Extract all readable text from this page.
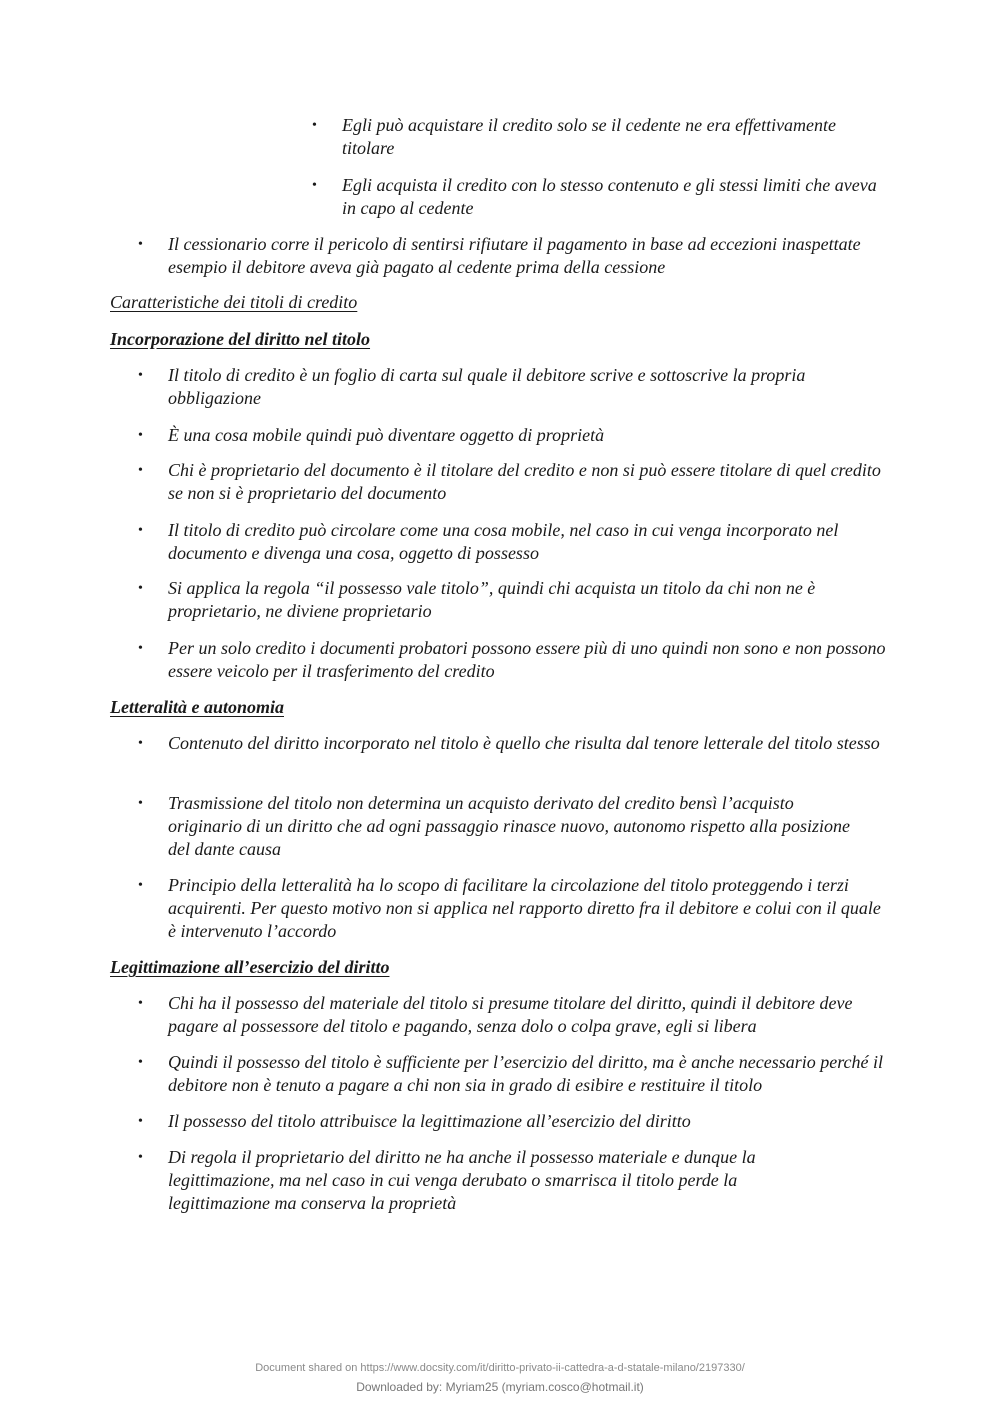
• Egli può acquistare il credito solo se il cedente ne era effettivamente titolare

• Egli acquista il credito con lo stesso contenuto e gli stessi limiti che aveva in capo al cedente

• Il cessionario corre il pericolo di sentirsi rifiutare il pagamento in base ad eccezioni inaspettate esempio il debitore aveva già pagato al cedente prima della cessione

Caratteristiche dei titoli di credito

Incorporazione del diritto nel titolo

• Il titolo di credito è un foglio di carta sul quale il debitore scrive e sottoscrive la propria obbligazione

• È una cosa mobile quindi può diventare oggetto di proprietà

• Chi è proprietario del documento è il titolare del credito e non si può essere titolare di quel credito se non si è proprietario del documento

• Il titolo di credito può circolare come una cosa mobile, nel caso in cui venga incorporato nel documento e divenga una cosa, oggetto di possesso

• Si applica la regola “il possesso vale titolo”, quindi chi acquista un titolo da chi non ne è proprietario, ne diviene proprietario

• Per un solo credito i documenti probatori possono essere più di uno quindi non sono e non possono essere veicolo per il trasferimento del credito

Letteralità e autonomia

• Contenuto del diritto incorporato nel titolo è quello che risulta dal tenore letterale del titolo stesso

• Trasmissione del titolo non determina un acquisto derivato del credito bensì l’acquisto originario di un diritto che ad ogni passaggio rinasce nuovo, autonomo rispetto alla posizione del dante causa

• Principio della letteralità ha lo scopo di facilitare la circolazione del titolo proteggendo i terzi acquirenti. Per questo motivo non si applica nel rapporto diretto fra il debitore e colui con il quale è intervenuto l’accordo

Legittimazione all’esercizio del diritto

• Chi ha il possesso del materiale del titolo si presume titolare del diritto, quindi il debitore deve pagare al possessore del titolo e pagando, senza dolo o colpa grave, egli si libera

• Quindi il possesso del titolo è sufficiente per l’esercizio del diritto, ma è anche necessario perché il debitore non è tenuto a pagare a chi non sia in grado di esibire e restituire il titolo

• Il possesso del titolo attribuisce la legittimazione all’esercizio del diritto

• Di regola il proprietario del diritto ne ha anche il possesso materiale e dunque la legittimazione, ma nel caso in cui venga derubato o smarrisca il titolo perde la legittimazione ma conserva la proprietà

Document shared on https://www.docsity.com/it/diritto-privato-ii-cattedra-a-d-statale-milano/2197330/

Downloaded by: Myriam25 (myriam.cosco@hotmail.it)
